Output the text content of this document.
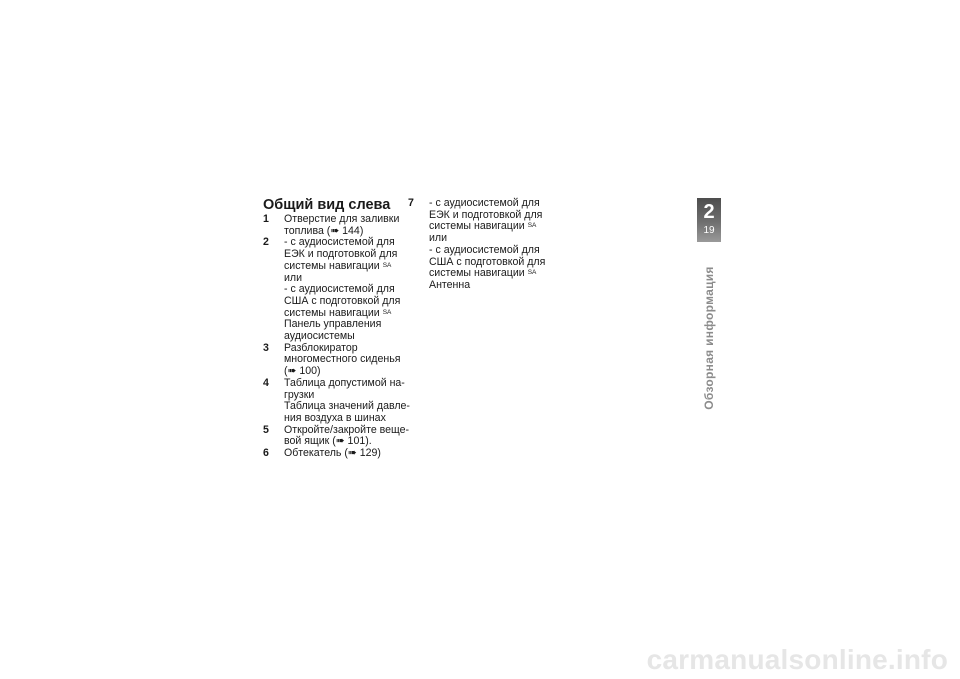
Общий вид слева
1	Отверстие для заливки
топлива (➠ 144)
2	- с аудиосистемой для
ЕЭК и подготовкой для
системы навигации $^{SA}$
или
- с аудиосистемой для
США с подготовкой для
системы навигации $^{SA}$
Панель управления
аудиосистемы
3	Разблокиратор
многоместного сиденья
(➠ 100)
4	Таблица допустимой на-
грузки
Таблица значений давле-
ния воздуха в шинах
5	Откройте/закройте веще-
вой ящик (➠ 101).
6	Обтекатель (➠ 129)
7	- с аудиосистемой для
ЕЭК и подготовкой для
системы навигации $^{SA}$
или
- с аудиосистемой для
США с подготовкой для
системы навигации $^{SA}$
Антенна
2
19
Обзорная информация
carmanualsonline.info
